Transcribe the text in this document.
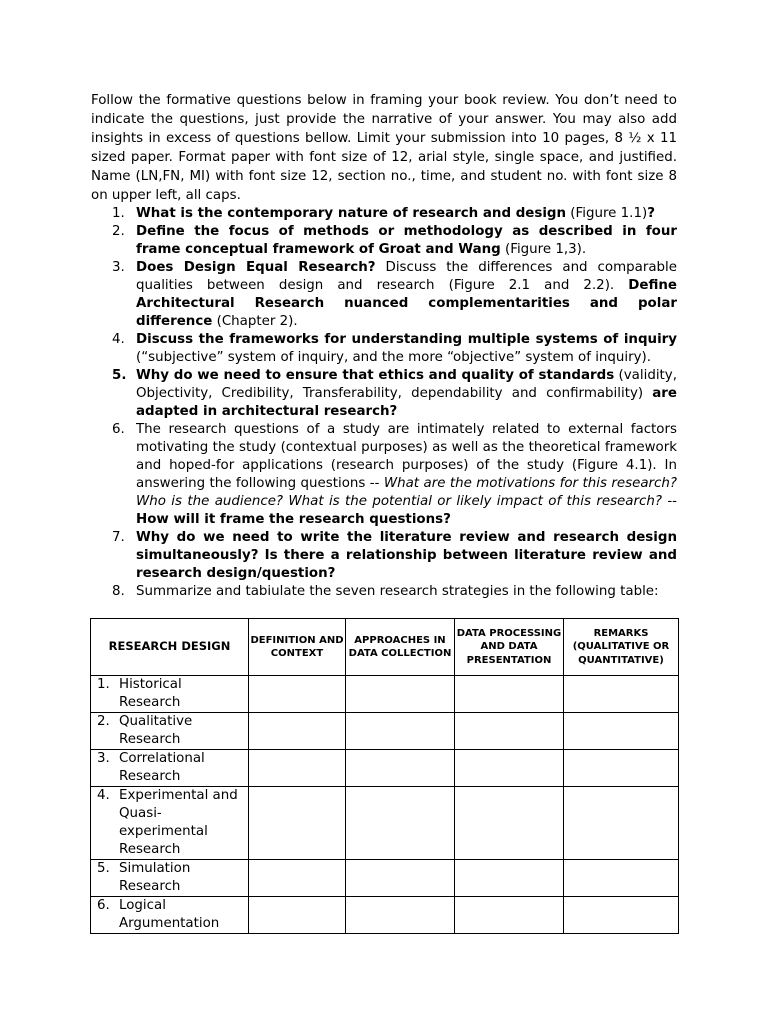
Follow the formative questions below in framing your book review. You don’t need to indicate the questions, just provide the narrative of your answer. You may also add insights in excess of questions bellow. Limit your submission into 10 pages, 8 ½ x 11 sized paper. Format paper with font size of 12, arial style, single space, and justified. Name (LN,FN, MI) with font size 12, section no., time, and student no. with font size 8 on upper left, all caps.

1. What is the contemporary nature of research and design (Figure 1.1)?
2. Define the focus of methods or methodology as described in four frame conceptual framework of Groat and Wang (Figure 1,3).
3. Does Design Equal Research? Discuss the differences and comparable qualities between design and research (Figure 2.1 and 2.2). Define Architectural Research nuanced complementarities and polar difference (Chapter 2).
4. Discuss the frameworks for understanding multiple systems of inquiry (“subjective” system of inquiry, and the more “objective” system of inquiry).
5. Why do we need to ensure that ethics and quality of standards (validity, Objectivity, Credibility, Transferability, dependability and confirmability) are adapted in architectural research?
6. The research questions of a study are intimately related to external factors motivating the study (contextual purposes) as well as the theoretical framework and hoped-for applications (research purposes) of the study (Figure 4.1). In answering the following questions -- What are the motivations for this research? Who is the audience? What is the potential or likely impact of this research? -- How will it frame the research questions?
7. Why do we need to write the literature review and research design simultaneously? Is there a relationship between literature review and research design/question?
8. Summarize and tabiulate the seven research strategies in the following table:
RESEARCH DESIGN	DEFINITION AND CONTEXT	APPROACHES IN DATA COLLECTION	DATA PROCESSING AND DATA PRESENTATION	REMARKS (QUALITATIVE OR QUANTITATIVE)

1. Historical Research				

2. Qualitative Research				

3. Correlational Research				

4. Experimental and Quasi-experimental Research				

5. Simulation Research				

6. Logical Argumentation				
